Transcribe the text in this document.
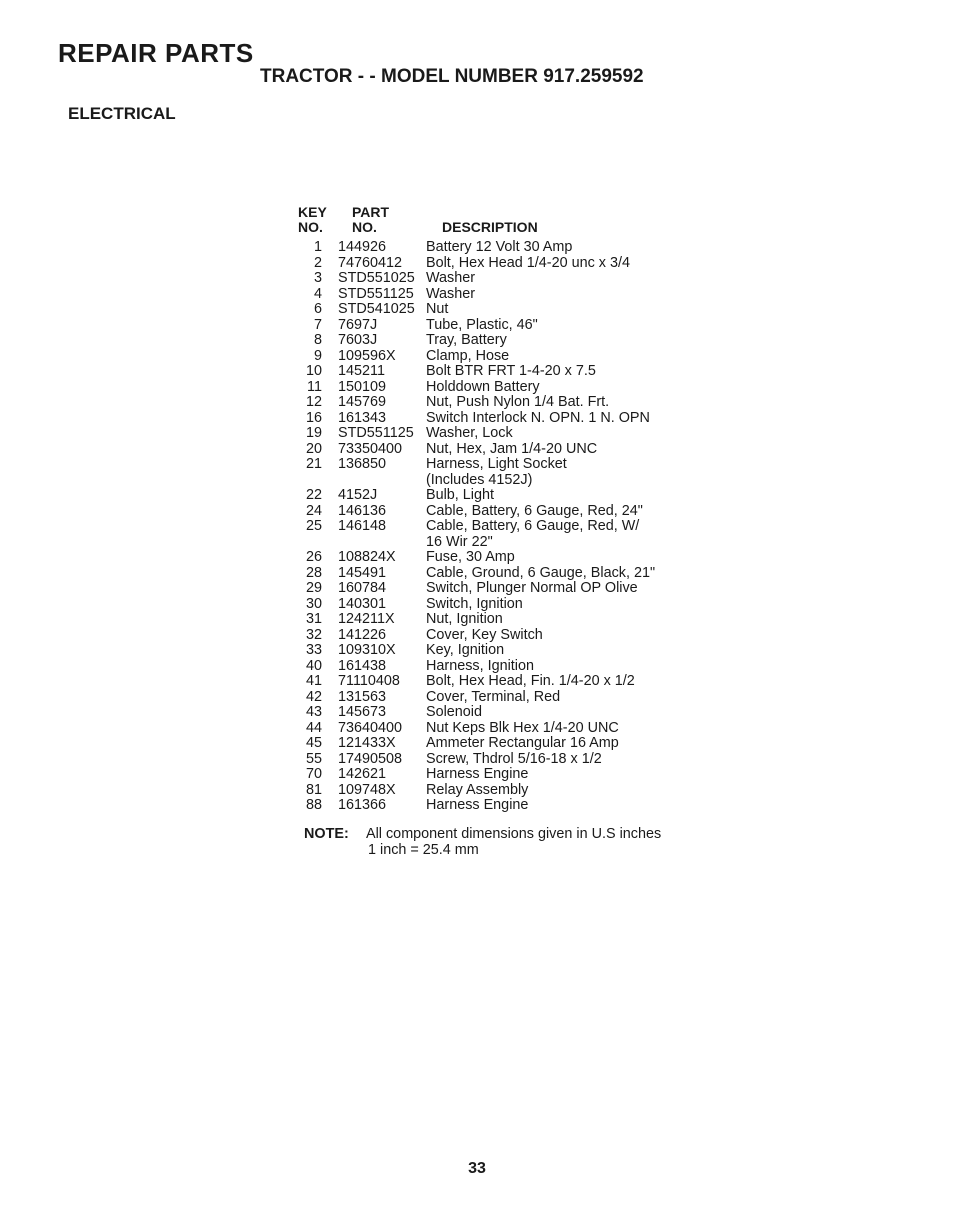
REPAIR PARTS
TRACTOR - - MODEL NUMBER 917.259592
ELECTRICAL
KEY
NO.
PART
NO.	DESCRIPTION
1	144926	Battery 12 Volt 30 Amp
2	74760412	Bolt, Hex Head 1/4-20 unc x 3/4
3	STD551025 Washer
4	STD551125 Washer
6	STD541025 Nut
7	7697J	Tube, Plastic, 46"
8	7603J	Tray, Battery
9	109596X	Clamp, Hose
10	145211	Bolt BTR FRT 1-4-20 x 7.5
11	150109	Holddown Battery
12	145769	Nut, Push Nylon 1/4 Bat. Frt.
16	161343	Switch Interlock N. OPN. 1 N. OPN
19	STD551125 Washer, Lock
20	73350400	Nut, Hex, Jam 1/4-20 UNC
21	136850	Harness, Light Socket
(Includes 4152J)
22	4152J	Bulb, Light
24	146136	Cable, Battery, 6 Gauge, Red, 24"
25	146148	Cable, Battery, 6 Gauge, Red, W/
16 Wir 22"
26	108824X	Fuse, 30 Amp
28	145491	Cable, Ground, 6 Gauge, Black, 21"
29	160784	Switch, Plunger Normal OP Olive
30	140301	Switch, Ignition
31	124211X	Nut, Ignition
32	141226	Cover, Key Switch
33	109310X	Key, Ignition
40	161438	Harness, Ignition
41	71110408	Bolt, Hex Head, Fin. 1/4-20 x 1/2
42	131563	Cover, Terminal, Red
43	145673	Solenoid
44	73640400	Nut Keps Blk Hex 1/4-20 UNC
45	121433X	Ammeter Rectangular 16 Amp
55	17490508	Screw, Thdrol 5/16-18 x 1/2
70	142621	Harness Engine
81	109748X	Relay Assembly
88	161366	Harness Engine
NOTE:	All component dimensions given in U.S inches
1 inch = 25.4 mm
33
